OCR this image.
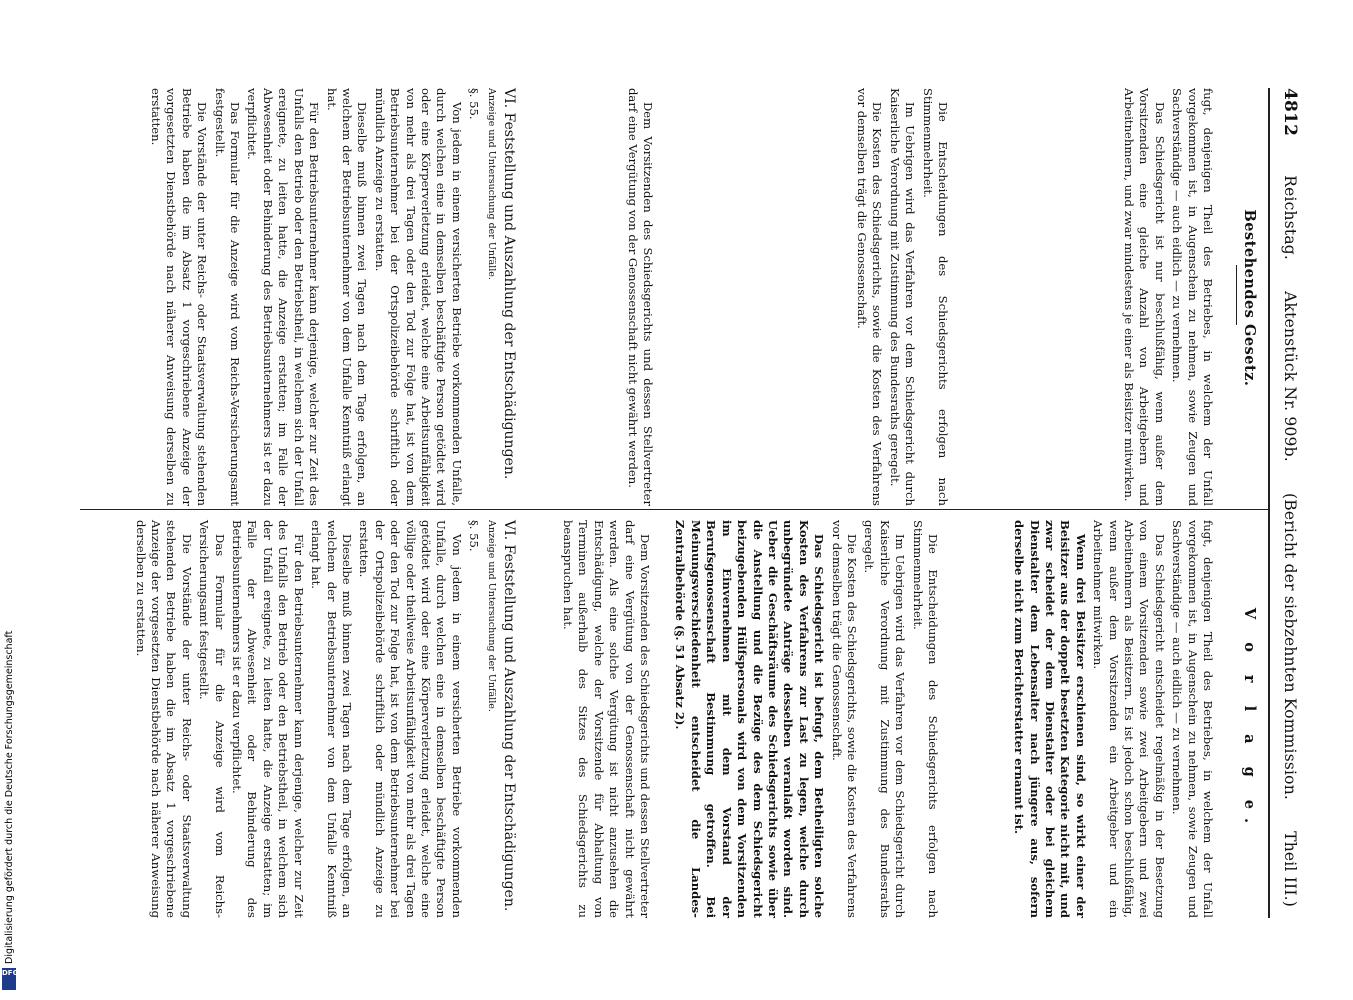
4812 Reichstag. Aktenstück Nr. 909b. (Bericht der siebzehnten Kommission. Theil III.)
Bestehendes Gesetz.

fugt, denjenigen Theil des Betriebes, in welchem der Unfall vorgekommen ist, in Augenschein zu nehmen, sowie Zeugen und Sachverständige — auch eidlich — zu vernehmen.

Das Schiedsgericht ist nur beschlußfähig, wenn außer dem Vorsitzenden eine gleiche Anzahl von Arbeitgebern und Arbeitnehmern, und zwar mindestens je einer als Beisitzer mitwirken.

Die Entscheidungen des Schiedsgerichts erfolgen nach Stimmenmehrheit.

Im Uebrigen wird das Verfahren vor dem Schiedsgericht durch Kaiserliche Verordnung mit Zustimmung des Bundesraths geregelt.

Die Kosten des Schiedsgerichts, sowie die Kosten des Verfahrens vor demselben trägt die Genossenschaft.

Dem Vorsitzenden des Schiedsgerichts und dessen Stellvertreter darf eine Vergütung von der Genossenschaft nicht gewährt werden.

VI. Feststellung und Auszahlung der Entschädigungen.

Anzeige und Untersuchung der Unfälle.

§. 55.

Von jedem in einem versicherten Betriebe vorkommenden Unfalle, durch welchen eine in demselben beschäftigte Person getödtet wird oder eine Körperverletzung erleidet, welche eine Arbeitsunfähigkeit von mehr als drei Tagen oder den Tod zur Folge hat, ist von dem Betriebsunternehmer bei der Ortspolizeibehörde schriftlich oder mündlich Anzeige zu erstatten.

Dieselbe muß binnen zwei Tagen nach dem Tage erfolgen, an welchem der Betriebsunternehmer von dem Unfalle Kenntniß erlangt hat.

Für den Betriebsunternehmer kann derjenige, welcher zur Zeit des Unfalls den Betrieb oder den Betriebstheil, in welchem sich der Unfall ereignete, zu leiten hatte, die Anzeige erstatten; im Falle der Abwesenheit oder Behinderung des Betriebsunternehmers ist er dazu verpflichtet.

Das Formular für die Anzeige wird vom Reichs-Versicherungsamt festgestellt.

Die Vorstände der unter Reichs- oder Staatsverwaltung stehenden Betriebe haben die im Absatz 1 vorgeschriebene Anzeige der vorgesetzten Dienstbehörde nach näherer Anweisung derselben zu erstatten.

V o r l a g e.

fugt, denjenigen Theil des Betriebes, in welchem der Unfall vorgekommen ist, in Augenschein zu nehmen, sowie Zeugen und Sachverständige — auch eidlich — zu vernehmen.

Das Schiedsgericht entscheidet regelmäßig in der Besetzung von einem Vorsitzenden sowie zwei Arbeitgebern und zwei Arbeitnehmern als Beisitzern. Es ist jedoch schon beschlußfähig, wenn außer dem Vorsitzenden ein Arbeitgeber und ein Arbeitnehmer mitwirken.

Wenn drei Beisitzer erschienen sind, so wirkt einer der Beisitzer aus der doppelt besetzten Kategorie nicht mit, und zwar scheidet der dem Dienstalter oder bei gleichem Dienstalter dem Lebensalter nach jüngere aus, sofern derselbe nicht zum Berichterstatter ernannt ist.

Die Entscheidungen des Schiedsgerichts erfolgen nach Stimmenmehrheit.

Im Uebrigen wird das Verfahren vor dem Schiedsgericht durch Kaiserliche Verordnung mit Zustimmung des Bundesraths geregelt.

Die Kosten des Schiedsgerichts, sowie die Kosten des Verfahrens vor demselben trägt die Genossenschaft.

Das Schiedsgericht ist befugt, dem Betheiligten solche Kosten des Verfahrens zur Last zu legen, welche durch unbegründete Anträge desselben veranlaßt worden sind. Ueber die Geschäftsräume des Schiedsgerichts sowie über die Anstellung und die Bezüge des dem Schiedsgericht beizugebenden Hülfspersonals wird von dem Vorsitzenden im Einvernehmen mit dem Vorstand der Berufsgenossenschaft Bestimmung getroffen. Bei Meinungsverschiedenheit entscheidet die Landes-Zentralbehörde (§. 51 Absatz 2).

Dem Vorsitzenden des Schiedsgerichts und dessen Stellvertreter darf eine Vergütung von der Genossenschaft nicht gewährt werden. Als eine solche Vergütung ist nicht anzusehen die Entschädigung, welche der Vorsitzende für Abhaltung von Terminen außerhalb des Sitzes des Schiedsgerichts zu beanspruchen hat.

VI. Feststellung und Auszahlung der Entschädigungen.

Anzeige und Untersuchung der Unfälle.

§. 55.

Von jedem in einem versicherten Betriebe vorkommenden Unfalle, durch welchen eine in demselben beschäftigte Person getödtet wird oder eine Körperverletzung erleidet, welche eine völlige oder theilweise Arbeitsunfähigkeit von mehr als drei Tagen oder den Tod zur Folge hat, ist von dem Betriebsunternehmer bei der Ortspolizeibehörde schriftlich oder mündlich Anzeige zu erstatten.

Dieselbe muß binnen zwei Tagen nach dem Tage erfolgen, an welchem der Betriebsunternehmer von dem Unfalle Kenntniß erlangt hat.

Für den Betriebsunternehmer kann derjenige, welcher zur Zeit des Unfalls den Betrieb oder den Betriebstheil, in welchem sich der Unfall ereignete, zu leiten hatte, die Anzeige erstatten; im Falle der Abwesenheit oder Behinderung des Betriebsunternehmers ist er dazu verpflichtet.

Das Formular für die Anzeige wird vom Reichs-Versicherungsamt festgestellt.

Die Vorstände der unter Reichs- oder Staatsverwaltung stehenden Betriebe haben die im Absatz 1 vorgeschriebene Anzeige der vorgesetzten Dienstbehörde nach näherer Anweisung derselben zu erstatten.

Digitalisierung gefördert durch die Deutsche Forschungsgemeinschaft
DFG
